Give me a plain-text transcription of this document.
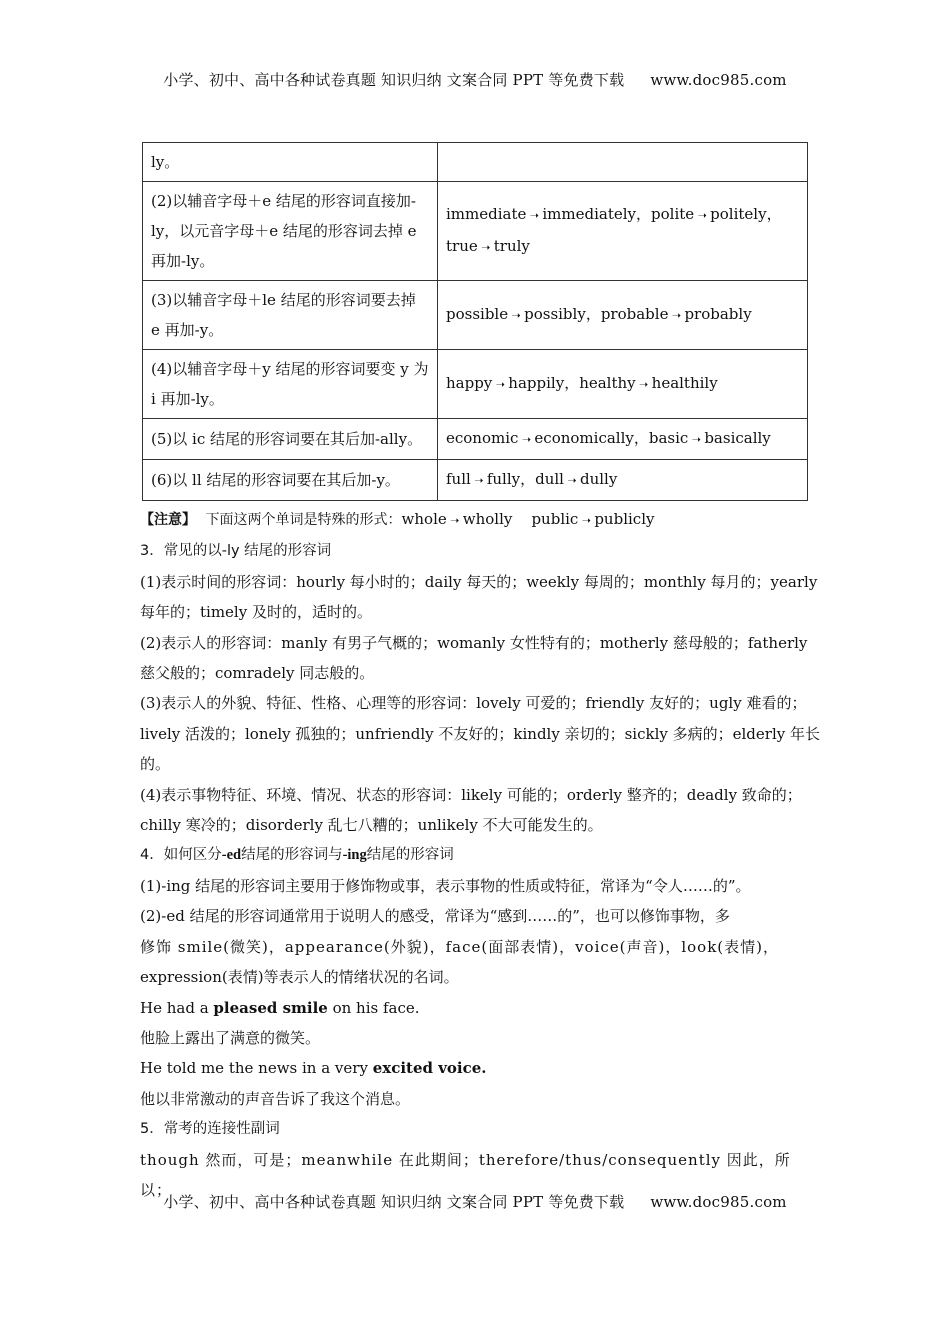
小学、初中、高中各种试卷真题 知识归纳 文案合同 PPT 等免费下载 www.doc985.com
ly。	
(2)以辅音字母＋e 结尾的形容词直接加-ly，以元音字母＋e 结尾的形容词去掉 e 再加-ly。	immediate ➝ immediately，polite ➝ politely，
true ➝ truly
(3)以辅音字母＋le 结尾的形容词要去掉 e 再加-y。	possible ➝ possibly，probable ➝ probably
(4)以辅音字母＋y 结尾的形容词要变 y 为 i 再加-ly。	happy ➝ happily，healthy ➝ healthily
(5)以 ic 结尾的形容词要在其后加-ally。	economic ➝ economically，basic ➝ basically
(6)以 ll 结尾的形容词要在其后加-y。	full ➝ fully，dull ➝ dully

【注意】 下面这两个单词是特殊的形式：whole ➝ wholly public ➝ publicly

3．常见的以-ly 结尾的形容词

(1)表示时间的形容词：hourly 每小时的；daily 每天的；weekly 每周的；monthly 每月的；yearly 每年的；timely 及时的，适时的。

(2)表示人的形容词：manly 有男子气概的；womanly 女性特有的；motherly 慈母般的；fatherly 慈父般的；comradely 同志般的。

(3)表示人的外貌、特征、性格、心理等的形容词：lovely 可爱的；friendly 友好的；ugly 难看的；lively 活泼的；lonely 孤独的；unfriendly 不友好的；kindly 亲切的；sickly 多病的；elderly 年长的。

(4)表示事物特征、环境、情况、状态的形容词：likely 可能的；orderly 整齐的；deadly 致命的；chilly 寒冷的；disorderly 乱七八糟的；unlikely 不大可能发生的。

4．如何区分-ed结尾的形容词与-ing结尾的形容词

(1)-ing 结尾的形容词主要用于修饰物或事，表示事物的性质或特征，常译为“令人……的”。

(2)-ed 结尾的形容词通常用于说明人的感受，常译为“感到……的”，也可以修饰事物，多

修饰 smile(微笑)，appearance(外貌)，face(面部表情)，voice(声音)，look(表情)，

expression(表情)等表示人的情绪状况的名词。

He had a pleased smile on his face.

他脸上露出了满意的微笑。

He told me the news in a very excited voice.

他以非常激动的声音告诉了我这个消息。

5．常考的连接性副词

though 然而，可是；meanwhile 在此期间；therefore/thus/consequently 因此，所以；

小学、初中、高中各种试卷真题 知识归纳 文案合同 PPT 等免费下载 www.doc985.com
